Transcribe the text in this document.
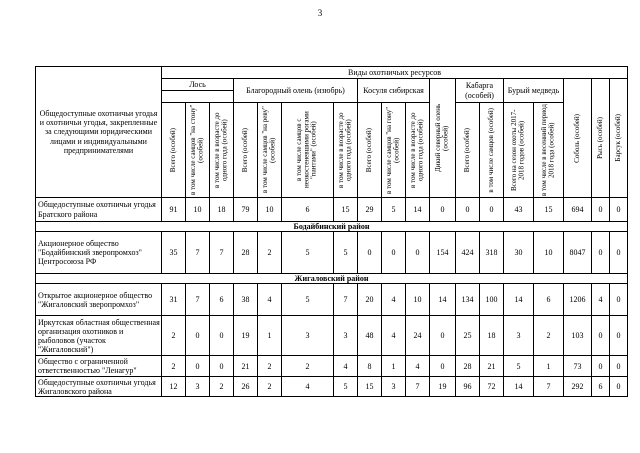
3
Общедоступные охотничьи угодья и охотничьи угодья, закрепленные за следующими юридическими лицами и индивидуальными предпринимателями	Виды охотничьих ресурсов																	
	Лось			Благородный олень (изюбрь)				Косуля сибирская			Дикий северный олень (особей)	Кабарга (особей)		Бурый медведь		Соболь (особей)	Рысь (особей)	Барсук (особей)

	Всего (особей)	в том числе самцов "на стону" (особей)	в том числе в возрасте до одного года (особей)	Всего (особей)	в том числе самцов "на реву" (особей)	в том числе самцов с неокостеневшими рогами "пантами" (особей)	в том числе в возрасте до одного года (особей)	Всего (особей)	в том числе самцов "на гону" (особей)	в том числе в возрасте до одного года (особей)		Всего (особей)	в том числе самцов (особей)	Всего на сезон охоты 2017-2018 годов (особей)	в том числе в весенний период 2018 года (особей)			

Общедоступные охотничьи угодья Братского района	91	10	18	79	10	6	15	29	5	14	0	0	0	43	15	694	0	0
Бодайбинский район																		
Акционерное общество "Бодайбинский зверопромхоз" Центросоюза РФ	35	7	7	28	2	5	5	0	0	0	154	424	318	30	10	8047	0	0
Жигаловский район																		
Открытое акционерное общество "Жигаловский зверопромхоз"	31	7	6	38	4	5	7	20	4	10	14	134	100	14	6	1206	4	0
Иркутская областная общественная организация охотников и рыболовов (участок "Жигаловский")	2	0	0	19	1	3	3	48	4	24	0	25	18	3	2	103	0	0
Общество с ограниченной ответственностью "Ленагур"	2	0	0	21	2	2	4	8	1	4	0	28	21	5	1	73	0	0
Общедоступные охотничьи угодья Жигаловского района	12	3	2	26	2	4	5	15	3	7	19	96	72	14	7	292	6	0
